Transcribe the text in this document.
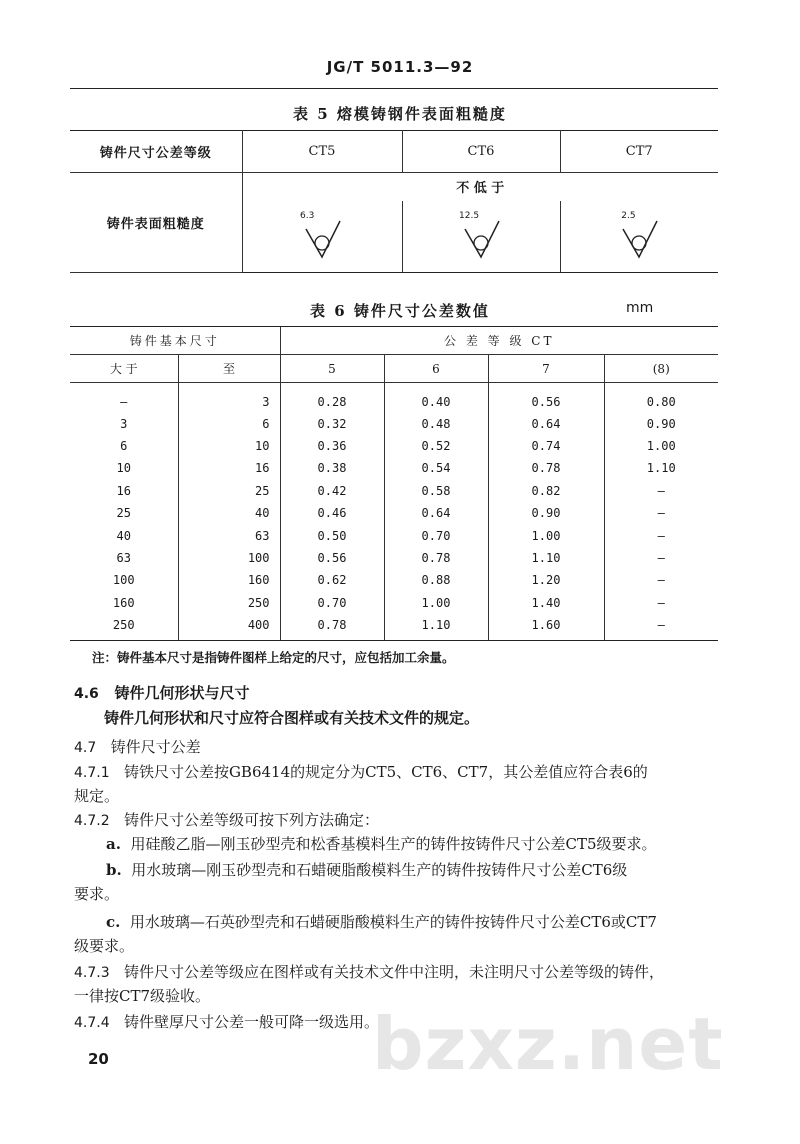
JG/T 5011.3—92
表 5 熔模铸钢件表面粗糙度
铸件尺寸公差等级	CT5	CT6	CT7
铸件表面粗糙度	不 低 于		

	6.3	12.5	2.5
表 6 铸件尺寸公差数值	mm
铸件基本尺寸		公 差 等 级 CT			
大 于	至	5	6	7	(8)
—	3	0.28	0.40	0.56	0.80
3	6	0.32	0.48	0.64	0.90
6	10	0.36	0.52	0.74	1.00
10	16	0.38	0.54	0.78	1.10
16	25	0.42	0.58	0.82	—
25	40	0.46	0.64	0.90	—
40	63	0.50	0.70	1.00	—
63	100	0.56	0.78	1.10	—
100	160	0.62	0.88	1.20	—
160	250	0.70	1.00	1.40	—
250	400	0.78	1.10	1.60	—
注：铸件基本尺寸是指铸件图样上给定的尺寸，应包括加工余量。
4.6 铸件几何形状与尺寸
铸件几何形状和尺寸应符合图样或有关技术文件的规定。
4.7 铸件尺寸公差
4.7.1 铸铁尺寸公差按GB6414的规定分为CT5、CT6、CT7，其公差值应符合表6的
规定。
4.7.2 铸件尺寸公差等级可按下列方法确定：
a. 用硅酸乙脂—刚玉砂型壳和松香基模料生产的铸件按铸件尺寸公差CT5级要求。
b. 用水玻璃—刚玉砂型壳和石蜡硬脂酸模料生产的铸件按铸件尺寸公差CT6级
要求。
c. 用水玻璃—石英砂型壳和石蜡硬脂酸模料生产的铸件按铸件尺寸公差CT6或CT7
级要求。
4.7.3 铸件尺寸公差等级应在图样或有关技术文件中注明，未注明尺寸公差等级的铸件，
一律按CT7级验收。
4.7.4 铸件壁厚尺寸公差一般可降一级选用。
bzxz.net
20
